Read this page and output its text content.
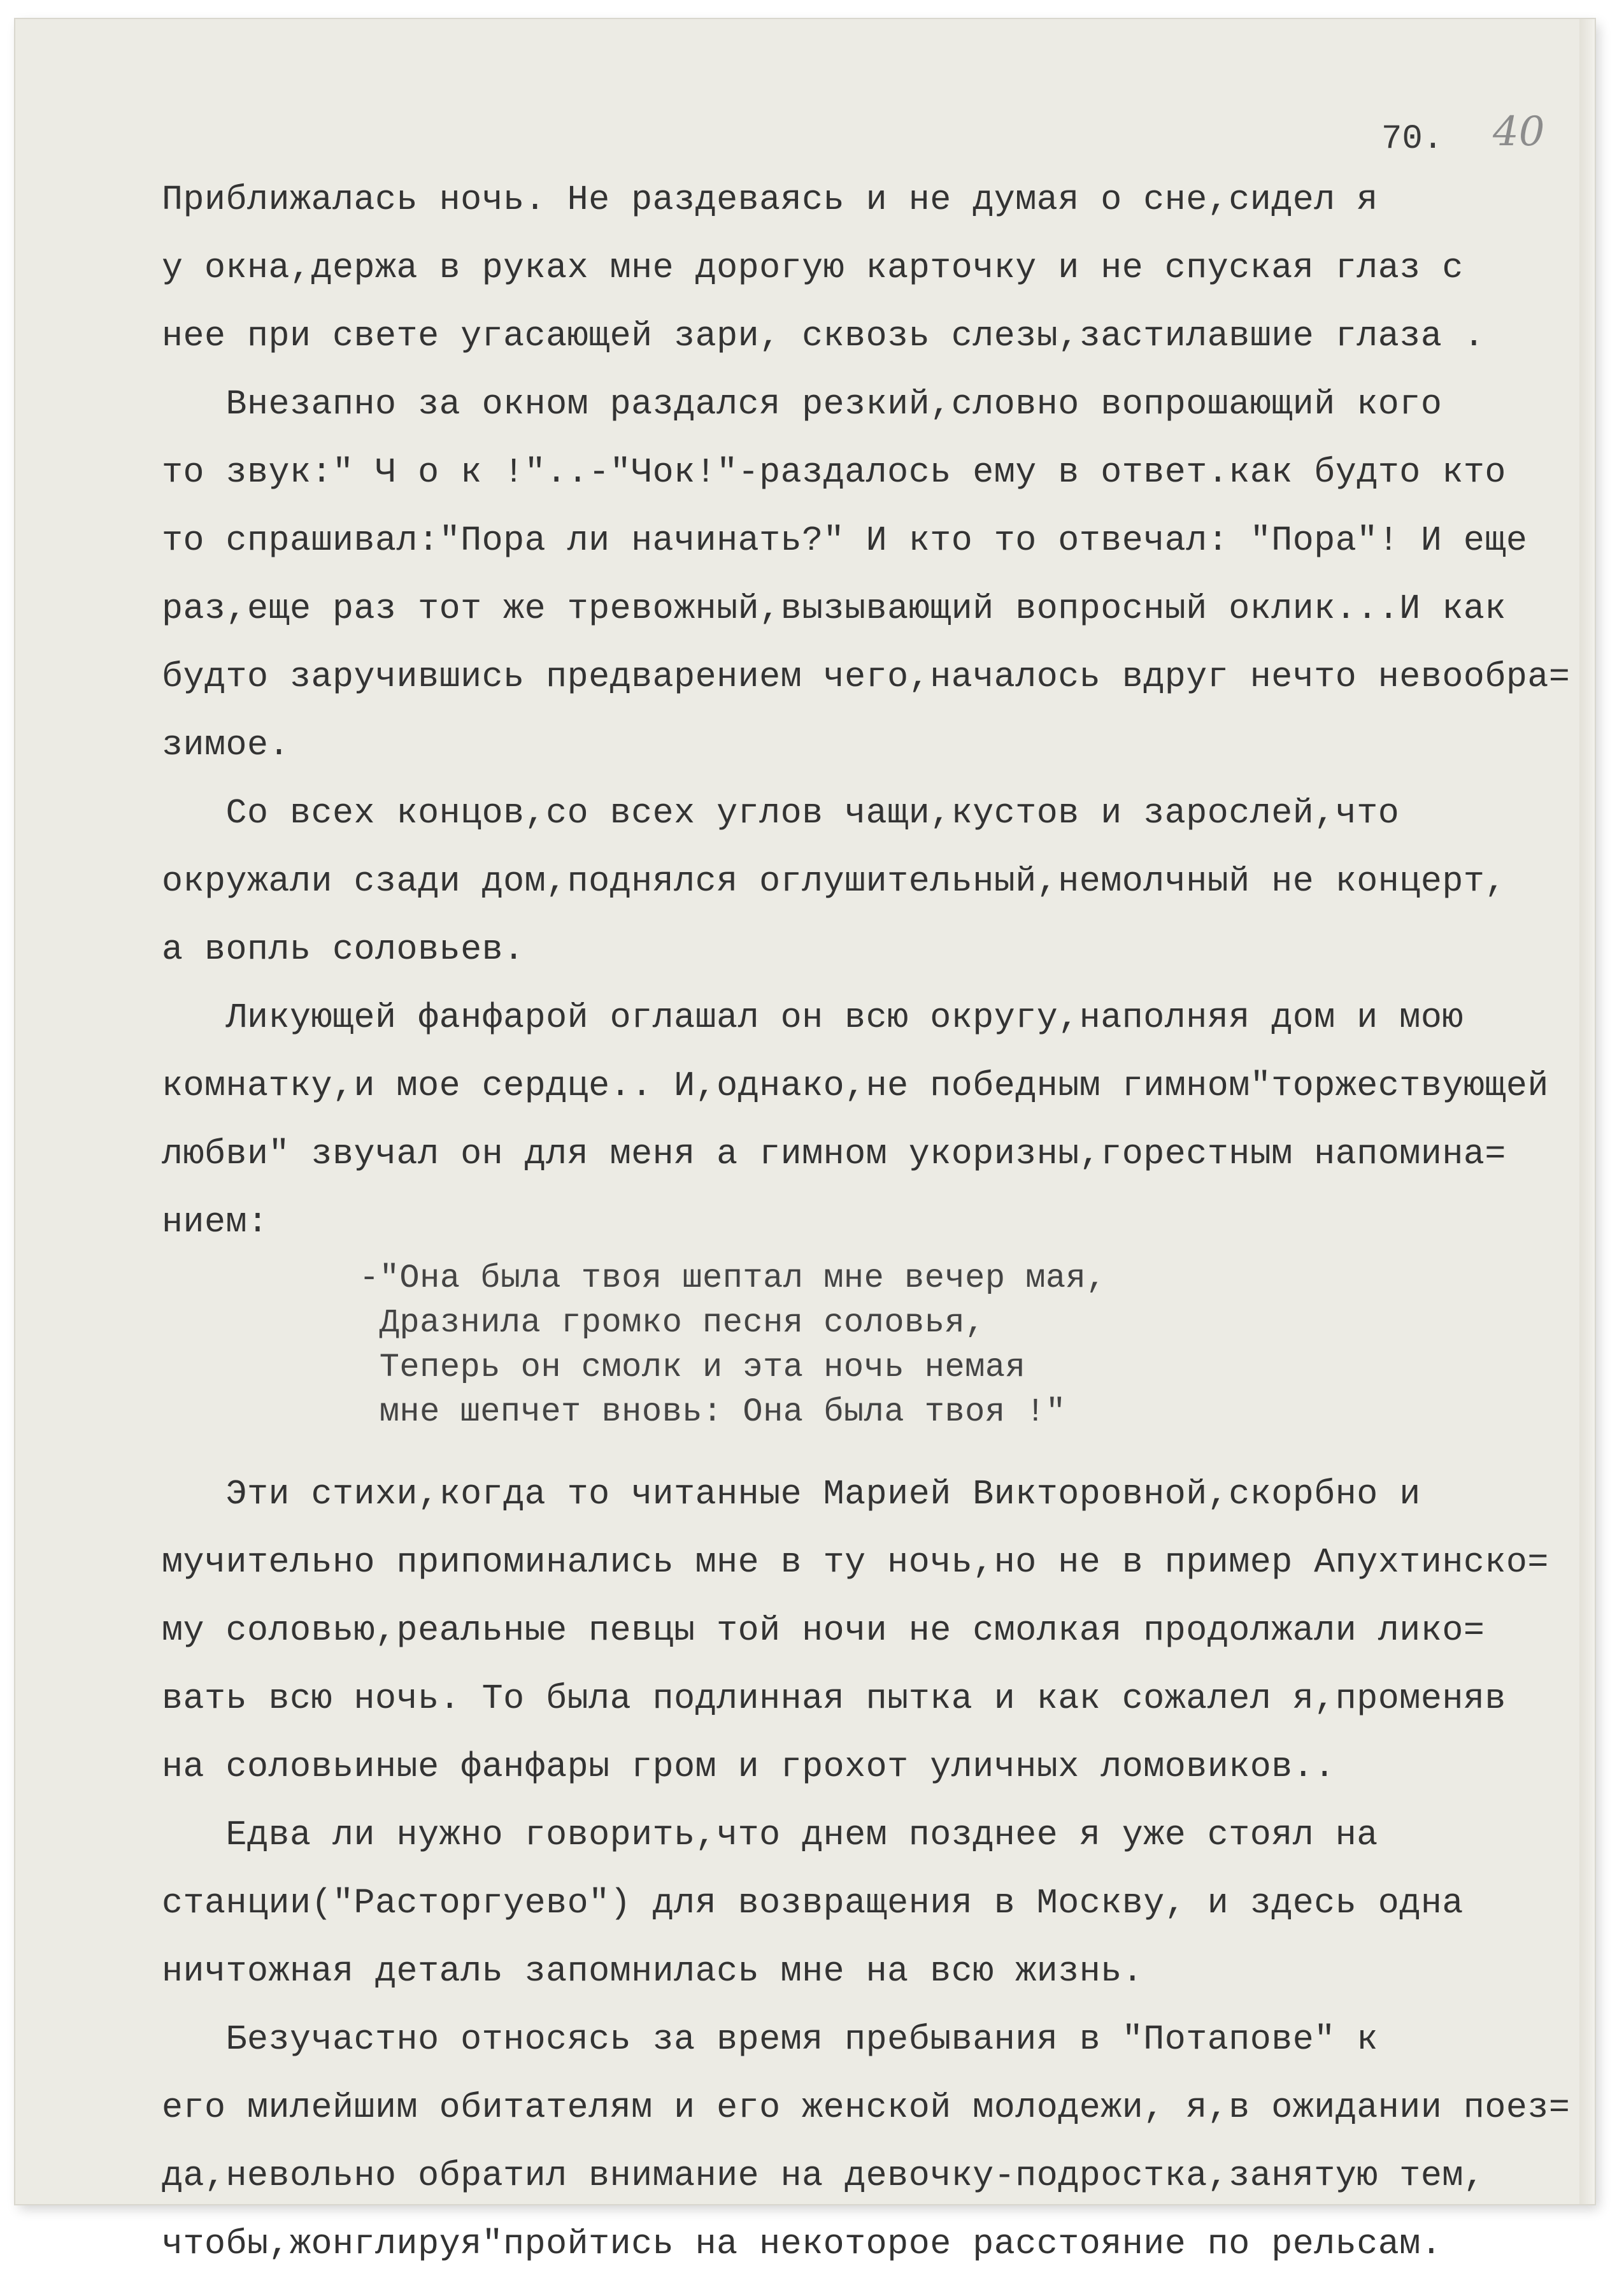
70. 40
Приближалась ночь. Не раздеваясь и не думая о сне,сидел я
у окна,держа в руках мне дорогую карточку и не спуская глаз с
нее при свете угасающей зари, сквозь слезы,застилавшие глаза .
Внезапно за окном раздался резкий,словно вопрошающий кого
то звук:" Ч о к !"..-"Чок!"-раздалось ему в ответ.как будто кто
то спрашивал:"Пора ли начинать?" И кто то отвечал: "Пора"! И еще
раз,еще раз тот же тревожный,вызывающий вопросный оклик...И как
будто заручившись предварением чего,началось вдруг нечто невообра=
зимое.
Со всех концов,со всех углов чащи,кустов и зарослей,что
окружали сзади дом,поднялся оглушительный,немолчный не концерт,
а вопль соловьев.
Ликующей фанфарой оглашал он всю округу,наполняя дом и мою
комнатку,и мое сердце.. И,однако,не победным гимном"торжествующей
любви" звучал он для меня а гимном укоризны,горестным напомина=
нием:
-"Она была твоя шептал мне вечер мая,
Дразнила громко песня соловья,
Теперь он смолк и эта ночь немая
мне шепчет вновь: Она была твоя !"
Эти стихи,когда то читанные Марией Викторовной,скорбно и
мучительно припоминались мне в ту ночь,но не в пример Апухтинско=
му соловью,реальные певцы той ночи не смолкая продолжали лико=
вать всю ночь. То была подлинная пытка и как сожалел я,променяв
на соловьиные фанфары гром и грохот уличных ломовиков..
Едва ли нужно говорить,что днем позднее я уже стоял на
станции("Расторгуево") для возвращения в Москву, и здесь одна
ничтожная деталь запомнилась мне на всю жизнь.
Безучастно относясь за время пребывания в "Потапове" к
его милейшим обитателям и его женской молодежи, я,в ожидании поез=
да,невольно обратил внимание на девочку-подростка,занятую тем,
чтобы,жонглируя"пройтись на некоторое расстояние по рельсам.
